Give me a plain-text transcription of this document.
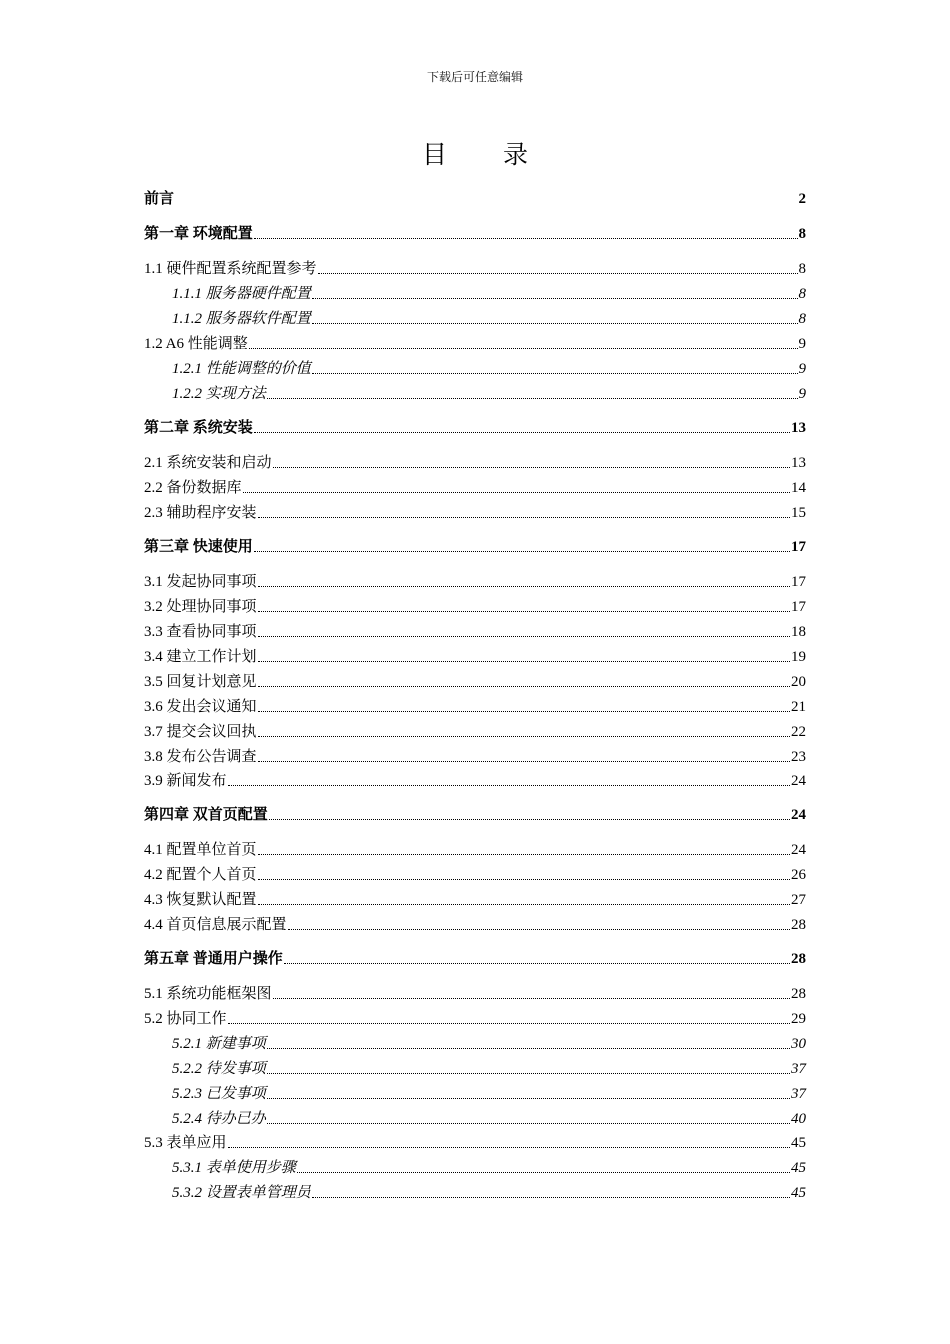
下载后可任意编辑
目 录
前言	2
第一章 环境配置	8
1.1 硬件配置系统配置参考	8
1.1.1 服务器硬件配置	8
1.1.2 服务器软件配置	8
1.2 A6 性能调整	9
1.2.1 性能调整的价值	9
1.2.2 实现方法	9
第二章 系统安装	13
2.1 系统安装和启动	13
2.2 备份数据库	14
2.3 辅助程序安装	15
第三章 快速使用	17
3.1 发起协同事项	17
3.2 处理协同事项	17
3.3 查看协同事项	18
3.4 建立工作计划	19
3.5 回复计划意见	20
3.6 发出会议通知	21
3.7 提交会议回执	22
3.8 发布公告调查	23
3.9 新闻发布	24
第四章 双首页配置	24
4.1 配置单位首页	24
4.2 配置个人首页	26
4.3 恢复默认配置	27
4.4 首页信息展示配置	28
第五章 普通用户操作	28
5.1 系统功能框架图	28
5.2 协同工作	29
5.2.1 新建事项	30
5.2.2 待发事项	37
5.2.3 已发事项	37
5.2.4 待办已办	40
5.3 表单应用	45
5.3.1 表单使用步骤	45
5.3.2 设置表单管理员	45
